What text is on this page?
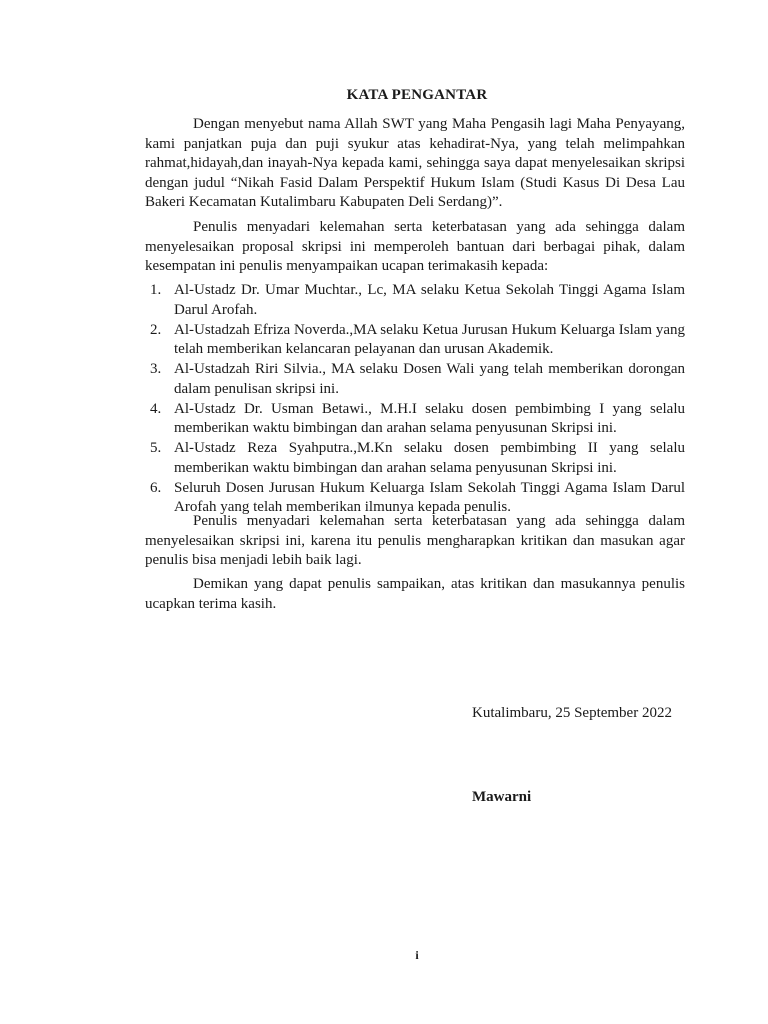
KATA PENGANTAR

Dengan menyebut nama Allah SWT yang Maha Pengasih lagi Maha Penyayang, kami panjatkan puja dan puji syukur atas kehadirat-Nya, yang telah melimpahkan rahmat,hidayah,dan inayah-Nya kepada kami, sehingga saya dapat menyelesaikan skripsi dengan judul “Nikah Fasid Dalam Perspektif Hukum Islam (Studi Kasus Di Desa Lau Bakeri Kecamatan Kutalimbaru Kabupaten Deli Serdang)”.

Penulis menyadari kelemahan serta keterbatasan yang ada sehingga dalam menyelesaikan proposal skripsi ini memperoleh bantuan dari berbagai pihak, dalam kesempatan ini penulis menyampaikan ucapan terimakasih kepada:

1. Al-Ustadz Dr. Umar Muchtar., Lc, MA selaku Ketua Sekolah Tinggi Agama Islam Darul Arofah.
2. Al-Ustadzah Efriza Noverda.,MA selaku Ketua Jurusan Hukum Keluarga Islam yang telah memberikan kelancaran pelayanan dan urusan Akademik.
3. Al-Ustadzah Riri Silvia., MA selaku Dosen Wali yang telah memberikan dorongan dalam penulisan skripsi ini.
4. Al-Ustadz Dr. Usman Betawi., M.H.I selaku dosen pembimbing I yang selalu memberikan waktu bimbingan dan arahan selama penyusunan Skripsi ini.
5. Al-Ustadz Reza Syahputra.,M.Kn selaku dosen pembimbing II yang selalu memberikan waktu bimbingan dan arahan selama penyusunan Skripsi ini.
6. Seluruh Dosen Jurusan Hukum Keluarga Islam Sekolah Tinggi Agama Islam Darul Arofah yang telah memberikan ilmunya kepada penulis.

Penulis menyadari kelemahan serta keterbatasan yang ada sehingga dalam menyelesaikan skripsi ini, karena itu penulis mengharapkan kritikan dan masukan agar penulis bisa menjadi lebih baik lagi.

Demikan yang dapat penulis sampaikan, atas kritikan dan masukannya penulis ucapkan terima kasih.

Kutalimbaru, 25 September 2022
Mawarni
i
